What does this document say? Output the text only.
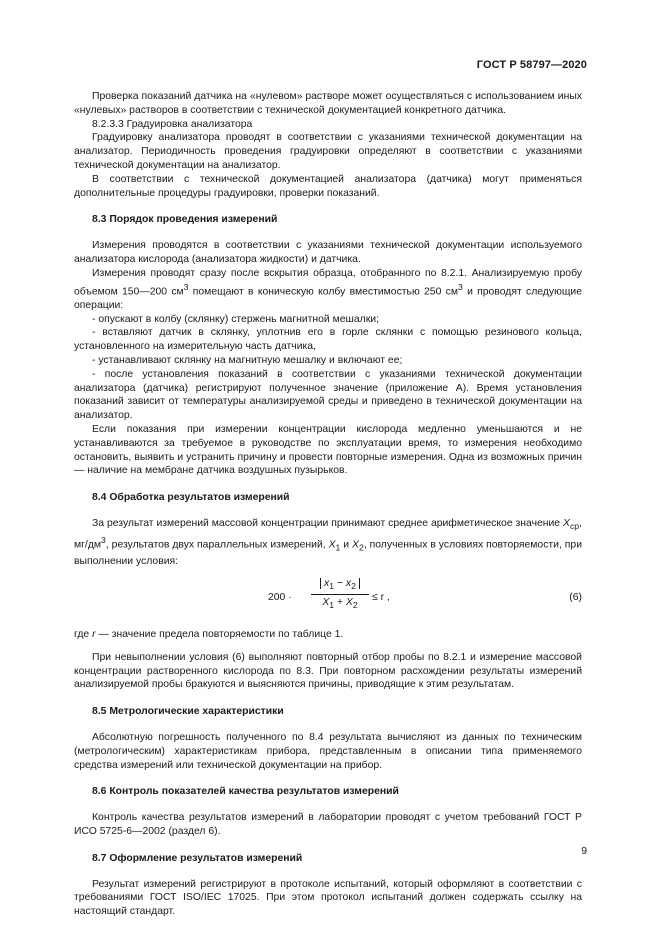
ГОСТ Р 58797—2020

Проверка показаний датчика на «нулевом» растворе может осуществляться с использованием иных «нулевых» растворов в соответствии с технической документацией конкретного датчика.

8.2.3.3 Градуировка анализатора

Градуировку анализатора проводят в соответствии с указаниями технической документации на анализатор. Периодичность проведения градуировки определяют в соответствии с указаниями технической документации на анализатор.

В соответствии с технической документацией анализатора (датчика) могут применяться дополнительные процедуры градуировки, проверки показаний.

8.3 Порядок проведения измерений

Измерения проводятся в соответствии с указаниями технической документации используемого анализатора кислорода (анализатора жидкости) и датчика.

Измерения проводят сразу после вскрытия образца, отобранного по 8.2.1. Анализируемую пробу объемом 150—200 $см^3$ помещают в коническую колбу вместимостью 250 $см^3$ и проводят следующие операции:

- опускают в колбу (склянку) стержень магнитной мешалки;

- вставляют датчик в склянку, уплотнив его в горле склянки с помощью резинового кольца, установленного на измерительную часть датчика,

- устанавливают склянку на магнитную мешалку и включают ее;

- после установления показаний в соответствии с указаниями технической документации анализатора (датчика) регистрируют полученное значение (приложение А). Время установления показаний зависит от температуры анализируемой среды и приведено в технической документации на анализатор.

Если показания при измерении концентрации кислорода медленно уменьшаются и не устанавливаются за требуемое в руководстве по эксплуатации время, то измерения необходимо остановить, выявить и устранить причину и провести повторные измерения. Одна из возможных причин — наличие на мембране датчика воздушных пузырьков.

8.4 Обработка результатов измерений

За результат измерений массовой концентрации принимают среднее арифметическое значение $X_{ср}$, $мг/дм^3$, результатов двух параллельных измерений, $X_1$ и $X_2$, полученных в условиях повторяемости, при выполнении условия:

$200 \cdot \frac{x_1 - x_2}{X_1 + X_2} \le r$ ,	(6)

где r — значение предела повторяемости по таблице 1.

При невыполнении условия (6) выполняют повторный отбор пробы по 8.2.1 и измерение массовой концентрации растворенного кислорода по 8.3. При повторном расхождении результаты измерений анализируемой пробы бракуются и выясняются причины, приводящие к этим результатам.

8.5 Метрологические характеристики

Абсолютную погрешность полученного по 8.4 результата вычисляют из данных по техническим (метрологическим) характеристикам прибора, представленным в описании типа применяемого средства измерений или технической документации на прибор.

8.6 Контроль показателей качества результатов измерений

Контроль качества результатов измерений в лаборатории проводят с учетом требований ГОСТ Р ИСО 5725-6—2002 (раздел 6).

8.7 Оформление результатов измерений

Результат измерений регистрируют в протоколе испытаний, который оформляют в соответствии с требованиями ГОСТ ISO/IEC 17025. При этом протокол испытаний должен содержать ссылку на настоящий стандарт.

9
